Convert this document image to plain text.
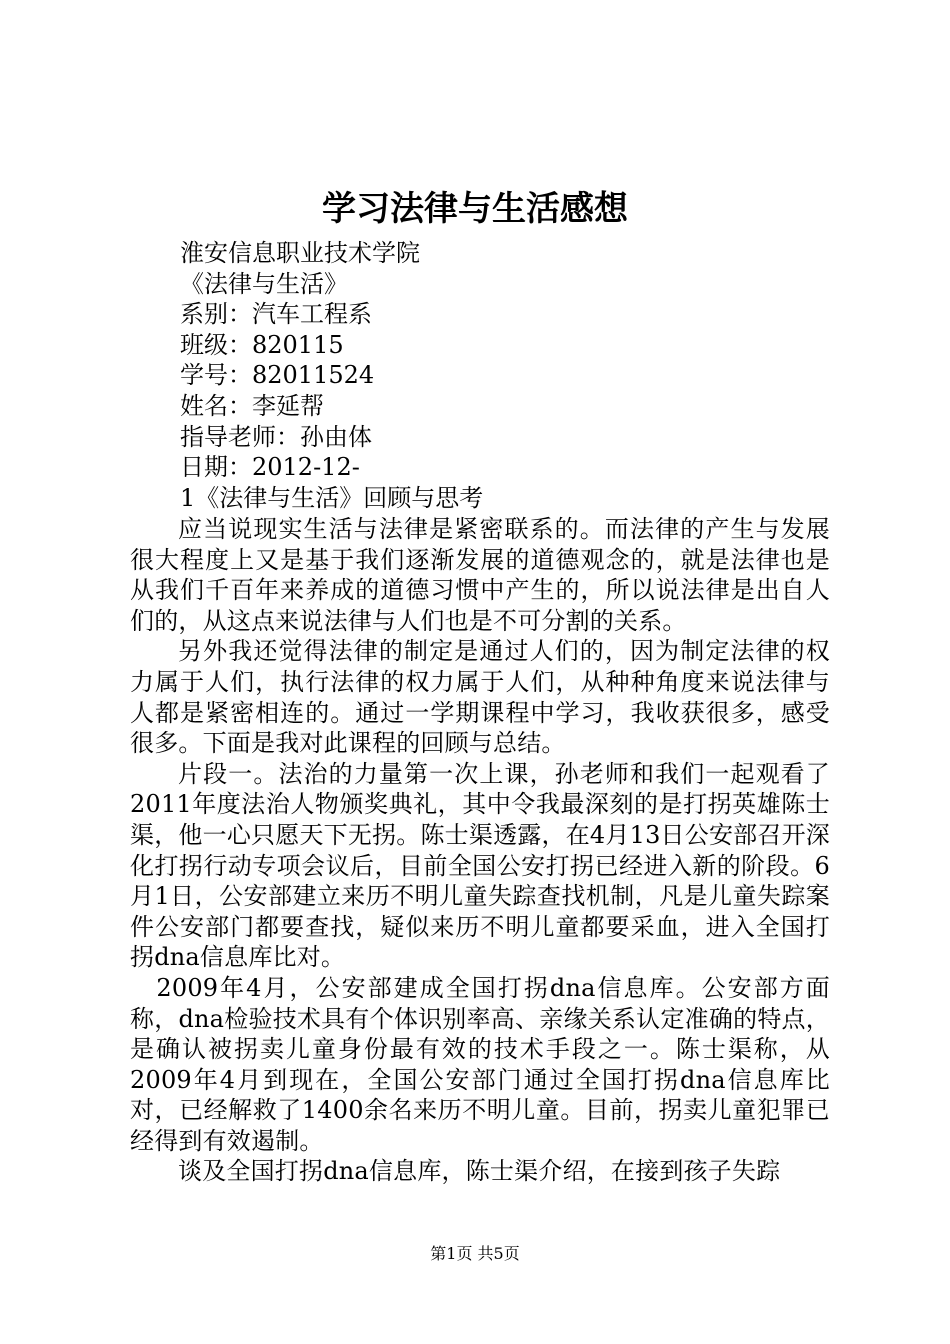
学习法律与生活感想
淮安信息职业技术学院
《法律与生活》
系别：汽车工程系
班级：820115
学号：82011524
姓名：李延帮
指导老师：孙由体
日期：2012-12-
1《法律与生活》回顾与思考

应当说现实生活与法律是紧密联系的。而法律的产生与发展很大程度上又是基于我们逐渐发展的道德观念的，就是法律也是从我们千百年来养成的道德习惯中产生的，所以说法律是出自人们的，从这点来说法律与人们也是不可分割的关系。

另外我还觉得法律的制定是通过人们的，因为制定法律的权力属于人们，执行法律的权力属于人们，从种种角度来说法律与人都是紧密相连的。通过一学期课程中学习，我收获很多，感受很多。下面是我对此课程的回顾与总结。

片段一。法治的力量第一次上课，孙老师和我们一起观看了2011年度法治人物颁奖典礼，其中令我最深刻的是打拐英雄陈士渠，他一心只愿天下无拐。陈士渠透露，在4月13日公安部召开深化打拐行动专项会议后，目前全国公安打拐已经进入新的阶段。6月1日，公安部建立来历不明儿童失踪查找机制，凡是儿童失踪案件公安部门都要查找，疑似来历不明儿童都要采血，进入全国打拐dna信息库比对。

2009年4月，公安部建成全国打拐dna信息库。公安部方面称，dna检验技术具有个体识别率高、亲缘关系认定准确的特点，是确认被拐卖儿童身份最有效的技术手段之一。陈士渠称，从2009年4月到现在，全国公安部门通过全国打拐dna信息库比对，已经解救了1400余名来历不明儿童。目前，拐卖儿童犯罪已经得到有效遏制。

谈及全国打拐dna信息库，陈士渠介绍，在接到孩子失踪

第1页 共5页
